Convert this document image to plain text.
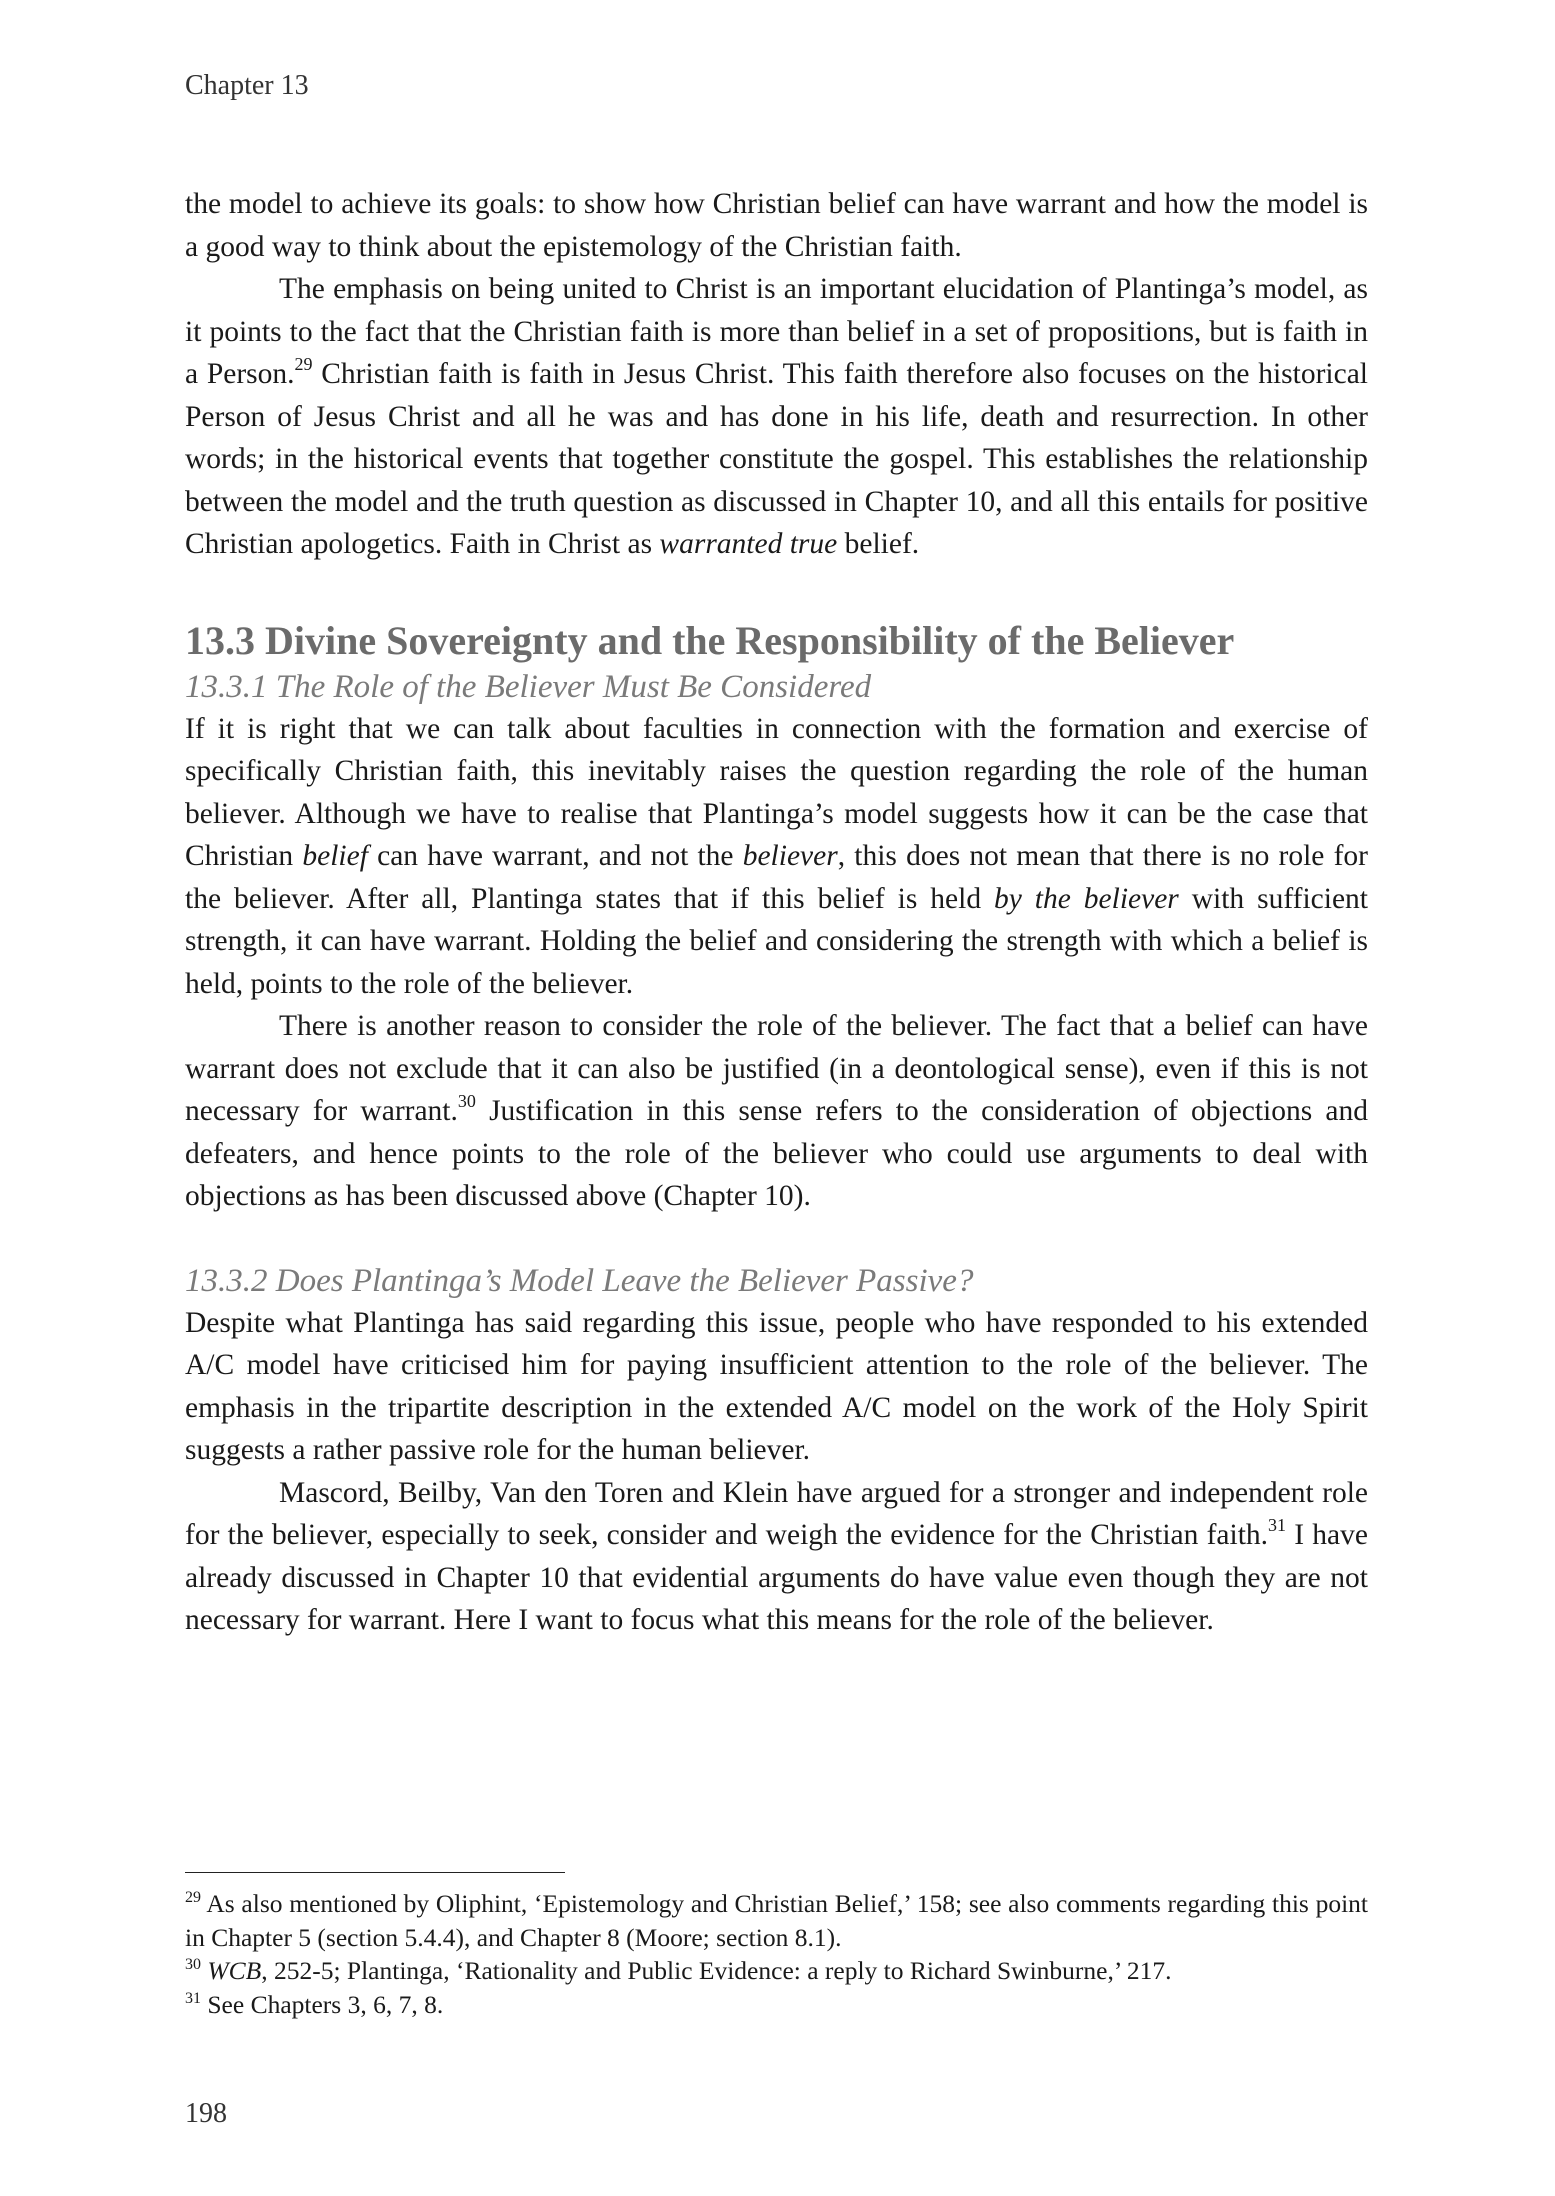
Chapter 13

the model to achieve its goals: to show how Christian belief can have warrant and how the model is a good way to think about the epistemology of the Christian faith.

The emphasis on being united to Christ is an important elucidation of Plantinga’s model, as it points to the fact that the Christian faith is more than belief in a set of propositions, but is faith in a Person.$^{29}$ Christian faith is faith in Jesus Christ. This faith therefore also focuses on the historical Person of Jesus Christ and all he was and has done in his life, death and resurrection. In other words; in the historical events that together constitute the gospel. This establishes the relationship between the model and the truth question as discussed in Chapter 10, and all this entails for positive Christian apologetics. Faith in Christ as warranted true belief.

13.3 Divine Sovereignty and the Responsibility of the Believer
13.3.1 The Role of the Believer Must Be Considered

If it is right that we can talk about faculties in connection with the formation and exercise of specifically Christian faith, this inevitably raises the question regarding the role of the human believer. Although we have to realise that Plantinga’s model suggests how it can be the case that Christian belief can have warrant, and not the believer, this does not mean that there is no role for the believer. After all, Plantinga states that if this belief is held by the believer with sufficient strength, it can have warrant. Holding the belief and considering the strength with which a belief is held, points to the role of the believer.

There is another reason to consider the role of the believer. The fact that a belief can have warrant does not exclude that it can also be justified (in a deontological sense), even if this is not necessary for warrant.$^{30}$ Justification in this sense refers to the consideration of objections and defeaters, and hence points to the role of the believer who could use arguments to deal with objections as has been discussed above (Chapter 10).

13.3.2 Does Plantinga’s Model Leave the Believer Passive?

Despite what Plantinga has said regarding this issue, people who have responded to his extended A/C model have criticised him for paying insufficient attention to the role of the believer. The emphasis in the tripartite description in the extended A/C model on the work of the Holy Spirit suggests a rather passive role for the human believer.

Mascord, Beilby, Van den Toren and Klein have argued for a stronger and independent role for the believer, especially to seek, consider and weigh the evidence for the Christian faith.$^{31}$ I have already discussed in Chapter 10 that evidential arguments do have value even though they are not necessary for warrant. Here I want to focus what this means for the role of the believer.

$^{29}$ As also mentioned by Oliphint, ‘Epistemology and Christian Belief,’ 158; see also comments regarding this point in Chapter 5 (section 5.4.4), and Chapter 8 (Moore; section 8.1).

$^{30}$ WCB, 252-5; Plantinga, ‘Rationality and Public Evidence: a reply to Richard Swinburne,’ 217.

$^{31}$ See Chapters 3, 6, 7, 8.

198
